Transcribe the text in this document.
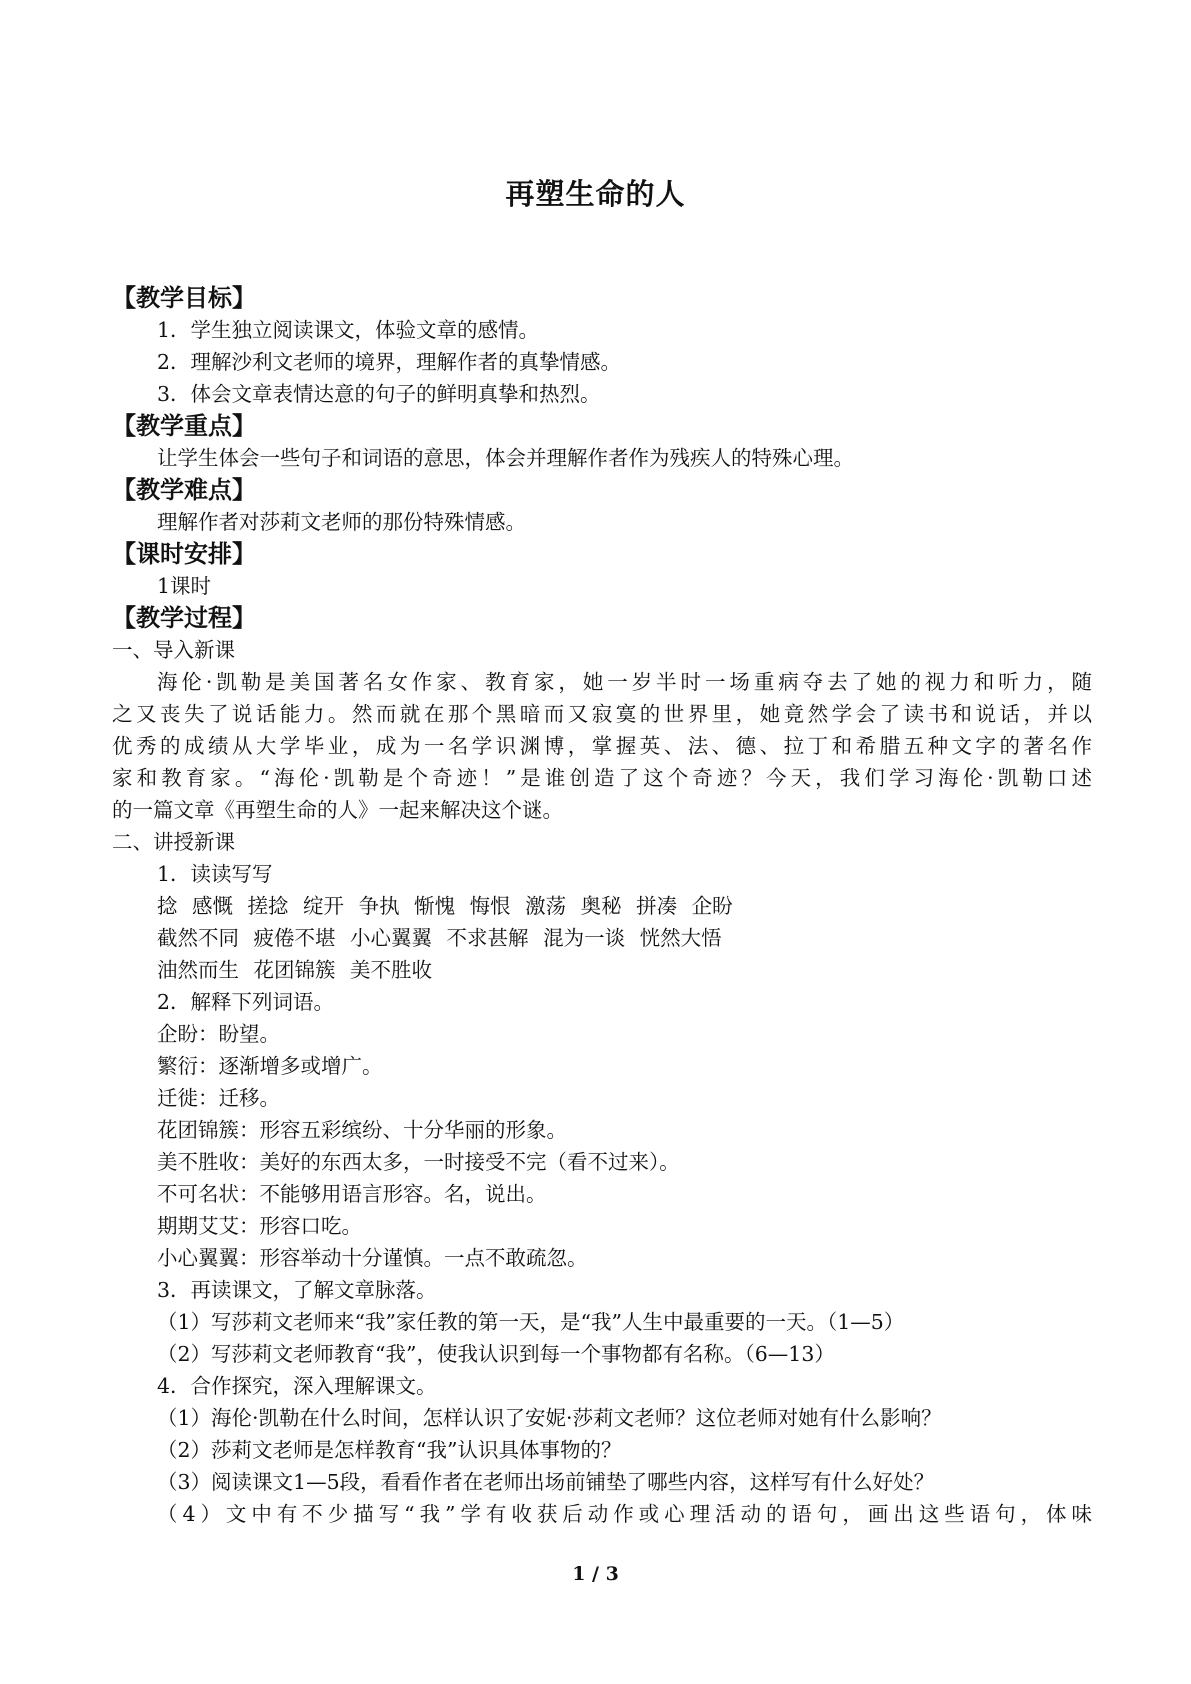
再塑生命的人
【教学目标】
1．学生独立阅读课文，体验文章的感情。
2．理解沙利文老师的境界，理解作者的真挚情感。
3．体会文章表情达意的句子的鲜明真挚和热烈。
【教学重点】
让学生体会一些句子和词语的意思，体会并理解作者作为残疾人的特殊心理。
【教学难点】
理解作者对莎莉文老师的那份特殊情感。
【课时安排】
1课时
【教学过程】
一、导入新课
海伦·凯勒是美国著名女作家、教育家，她一岁半时一场重病夺去了她的视力和听力，随
之又丧失了说话能力。然而就在那个黑暗而又寂寞的世界里，她竟然学会了读书和说话，并以
优秀的成绩从大学毕业，成为一名学识渊博，掌握英、法、德、拉丁和希腊五种文字的著名作
家和教育家。“海伦·凯勒是个奇迹！”是谁创造了这个奇迹？今天，我们学习海伦·凯勒口述
的一篇文章《再塑生命的人》一起来解决这个谜。
二、讲授新课
1．读读写写
捻 感慨 搓捻 绽开 争执 惭愧 悔恨 激荡 奥秘 拼凑 企盼
截然不同 疲倦不堪 小心翼翼 不求甚解 混为一谈 恍然大悟
油然而生 花团锦簇 美不胜收
2．解释下列词语。
企盼：盼望。
繁衍：逐渐增多或增广。
迁徙：迁移。
花团锦簇：形容五彩缤纷、十分华丽的形象。
美不胜收：美好的东西太多，一时接受不完（看不过来）。
不可名状：不能够用语言形容。名，说出。
期期艾艾：形容口吃。
小心翼翼：形容举动十分谨慎。一点不敢疏忽。
3．再读课文，了解文章脉落。
（1）写莎莉文老师来“我”家任教的第一天，是“我”人生中最重要的一天。（1—5）
（2）写莎莉文老师教育“我”，使我认识到每一个事物都有名称。（6—13）
4．合作探究，深入理解课文。
（1）海伦·凯勒在什么时间，怎样认识了安妮·莎莉文老师？这位老师对她有什么影响？
（2）莎莉文老师是怎样教育“我”认识具体事物的？
（3）阅读课文1—5段，看看作者在老师出场前铺垫了哪些内容，这样写有什么好处？
（4）文中有不少描写“我”学有收获后动作或心理活动的语句，画出这些语句，体味
1 / 3
